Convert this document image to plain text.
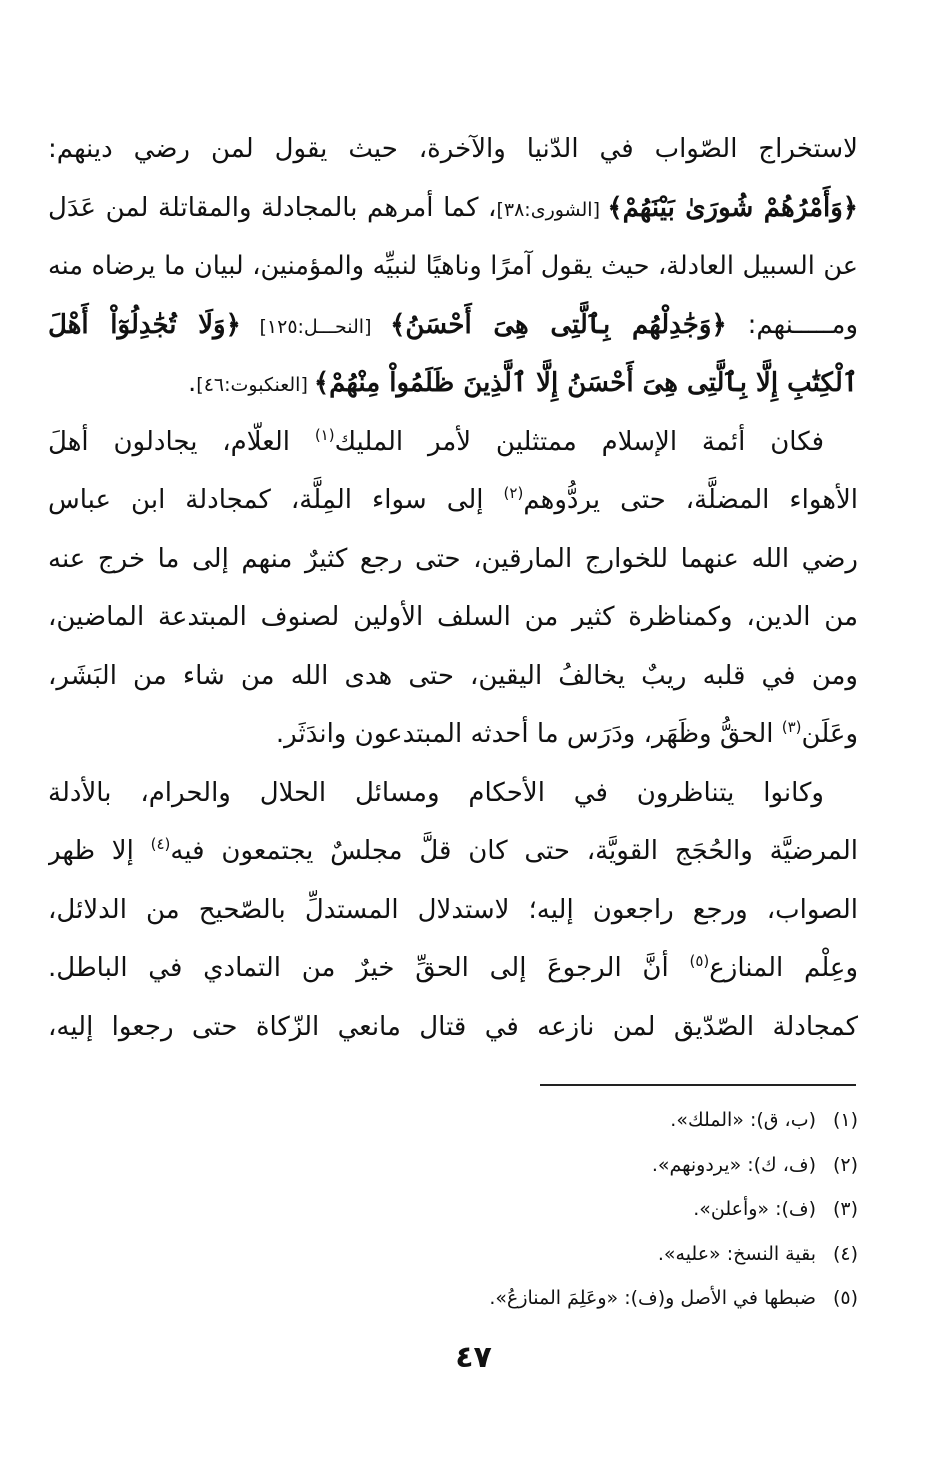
لاستخراج الصّواب في الدّنيا والآخرة، حيث يقول لمن رضي دينهم:
﴿وَأَمْرُهُمْ شُورَىٰ بَيْنَهُمْ﴾ [الشورى:٣٨]، كما أمرهم بالمجادلة والمقاتلة لمن عَدَل
عن السبيل العادلة، حيث يقول آمرًا وناهيًا لنبيِّه والمؤمنين، لبيان ما يرضاه منه
ومـــــنهم: ﴿وَجَٰدِلْهُم بِٱلَّتِى هِىَ أَحْسَنُ﴾ [النحـــل:١٢٥] ﴿وَلَا تُجَٰدِلُوٓاْ أَهْلَ
ٱلْكِتَٰبِ إِلَّا بِٱلَّتِى هِىَ أَحْسَنُ إِلَّا ٱلَّذِينَ ظَلَمُواْ مِنْهُمْ﴾ [العنكبوت:٤٦].
فكان أئمة الإسلام ممتثلين لأمر المليك$^{(١)}$ العلّام، يجادلون أهلَ
الأهواء المضلَّة، حتى يردُّوهم$^{(٢)}$ إلى سواء المِلَّة، كمجادلة ابن عباس
رضي الله عنهما للخوارج المارقين، حتى رجع كثيرٌ منهم إلى ما خرج عنه
من الدين، وكمناظرة كثير من السلف الأولين لصنوف المبتدعة الماضين،
ومن في قلبه ريبٌ يخالفُ اليقين، حتى هدى الله من شاء من البَشَر،
وعَلَن$^{(٣)}$ الحقُّ وظَهَر، ودَرَس ما أحدثه المبتدعون واندَثَر.
وكانوا يتناظرون في الأحكام ومسائل الحلال والحرام، بالأدلة
المرضيَّة والحُجَج القويَّة، حتى كان قلَّ مجلسٌ يجتمعون فيه$^{(٤)}$ إلا ظهر
الصواب، ورجع راجعون إليه؛ لاستدلال المستدلِّ بالصّحيح من الدلائل،
وعِلْم المنازع$^{(٥)}$ أنَّ الرجوعَ إلى الحقِّ خيرٌ من التمادي في الباطل.
كمجادلة الصّدّيق لمن نازعه في قتال مانعي الزّكاة حتى رجعوا إليه،
(١)(ب، ق): «الملك».
(٢)(ف، ك): «يردونهم».
(٣)(ف): «وأعلن».
(٤)بقية النسخ: «عليه».
(٥)ضبطها في الأصل و(ف): «وعَلِمَ المنازعُ».
٤٧
